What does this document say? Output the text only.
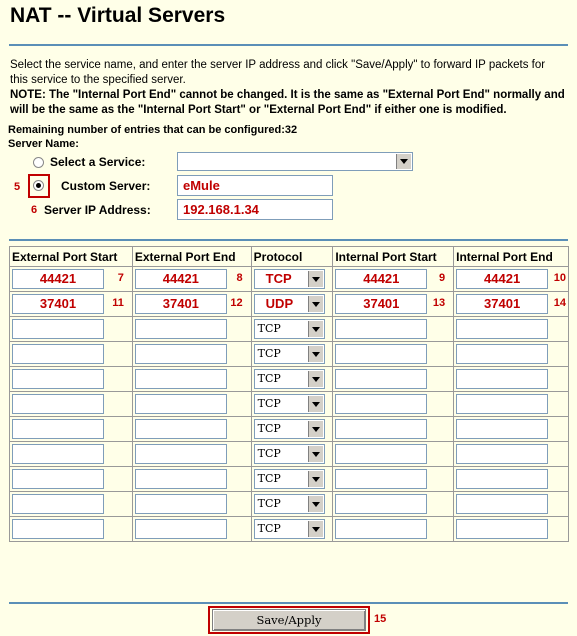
NAT -- Virtual Servers
Select the service name, and enter the server IP address and click "Save/Apply" to forward IP packets for this service to the specified server.
NOTE: The "Internal Port End" cannot be changed. It is the same as "External Port End" normally and will be the same as the "Internal Port Start" or "External Port End" if either one is modified.
Remaining number of entries that can be configured:32
Server Name:
Select a Service:
5	Custom Server:	eMule
6 Server IP Address:	192.168.1.34
External Port Start	External Port End	Protocol	Internal Port Start	Internal Port End

44421 7	44421 8	TCP	44421 9	44421 10

37401 11	37401 12	UDP	37401 13	37401 14

		TCP		

		TCP		

		TCP		

		TCP		

		TCP		

		TCP		

		TCP		

		TCP		

		TCP		

Save/Apply	15
